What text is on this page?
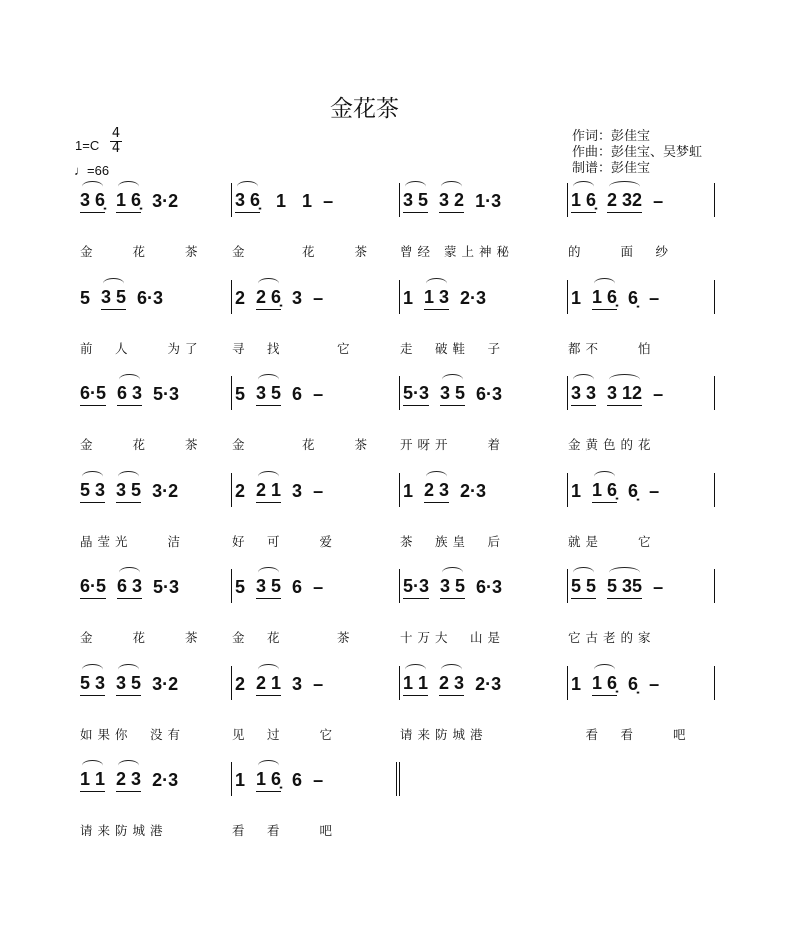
金花茶
1=C
4
4
♩=66
作词：彭佳宝
作曲：彭佳宝、吴梦虹
制谱：彭佳宝
3 6̣ 1 6̣ 3·2	3 6̣ 1 1 –	3 5 3 2 1·3	1 6̣ 2 32 –
金　　花　　茶	金　　　花　　茶	曾经 蒙上神秘	的　　面　纱
5 3 5 6·3	2 2 6̣ 3 –	1 1 3 2·3	1 1 6̣ 6̣ –
前　人　　为了	寻　找　　　它	走　破鞋　子	都不　　怕
6·5 6 3 5·3	5 3 5 6 –	5·3 3 5 6·3	3 3 3 12 –
金　　花　　茶	金　　　花　　茶	开呀开　　着	金黄色的花
5 3 3 5 3·2	2 2 1 3 –	1 2 3 2·3	1 1 6̣ 6̣ –
晶莹光　　洁	好　可　　爱	茶　族皇　后	就是　　它
6·5 6 3 5·3	5 3 5 6 –	5·3 3 5 6·3	5 5 5 35 –
金　　花　　茶	金　花　　　茶	十万大　山是	它古老的家
5 3 3 5 3·2	2 2 1 3 –	1 1 2 3 2·3	1 1 6̣ 6̣ –
如果你　没有	见　过　　它	请来防城港	　看　看　　吧
1 1 2 3 2·3	1 1 6̣ 6 –
请来防城港	看　看　　吧
